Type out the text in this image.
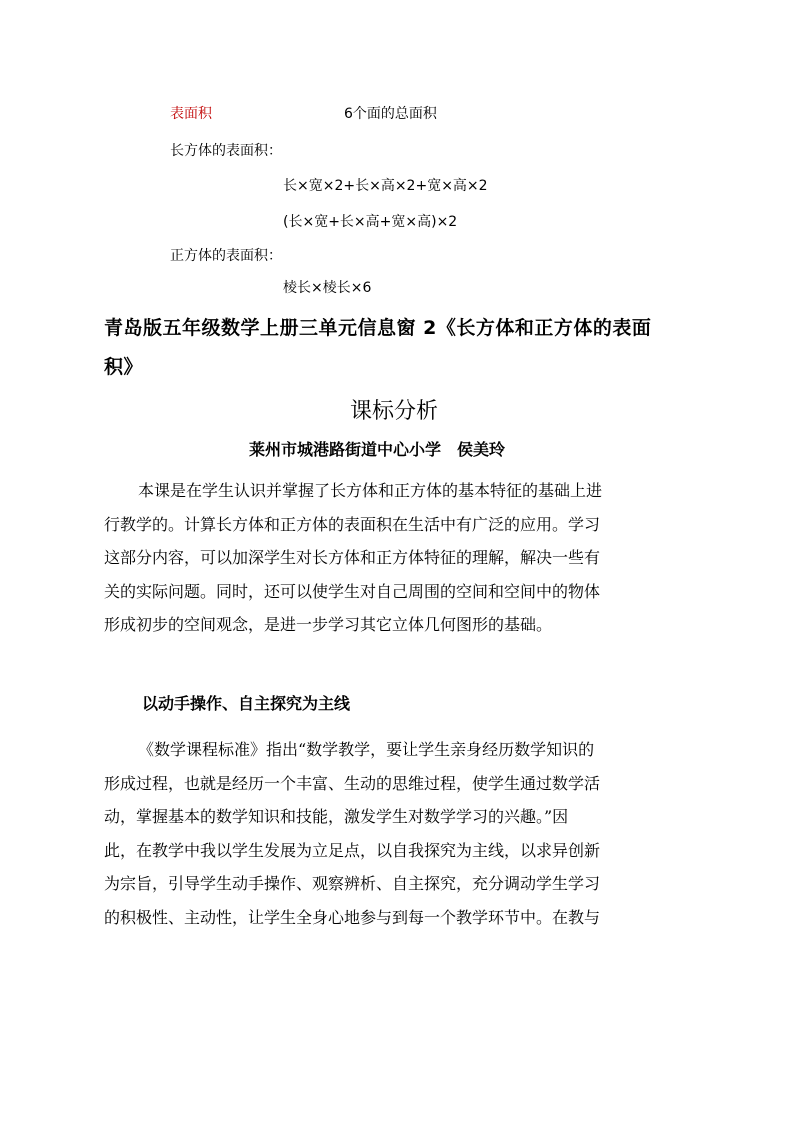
表面积	6个面的总面积
长方体的表面积：
长×宽×2+长×高×2+宽×高×2
(长×宽+长×高+宽×高)×2
正方体的表面积：
棱长×棱长×6
青岛版五年级数学上册三单元信息窗 2《长方体和正方体的表面
积》
课标分析
莱州市城港路街道中心小学　侯美玲
本课是在学生认识并掌握了长方体和正方体的基本特征的基础上进
行教学的。计算长方体和正方体的表面积在生活中有广泛的应用。学习
这部分内容，可以加深学生对长方体和正方体特征的理解，解决一些有
关的实际问题。同时，还可以使学生对自己周围的空间和空间中的物体
形成初步的空间观念，是进一步学习其它立体几何图形的基础。
以动手操作、自主探究为主线
《数学课程标准》指出“数学教学，要让学生亲身经历数学知识的
形成过程，也就是经历一个丰富、生动的思维过程，使学生通过数学活
动，掌握基本的数学知识和技能，激发学生对数学学习的兴趣。”因
此，在教学中我以学生发展为立足点，以自我探究为主线，以求异创新
为宗旨，引导学生动手操作、观察辨析、自主探究，充分调动学生学习
的积极性、主动性，让学生全身心地参与到每一个教学环节中。在教与
